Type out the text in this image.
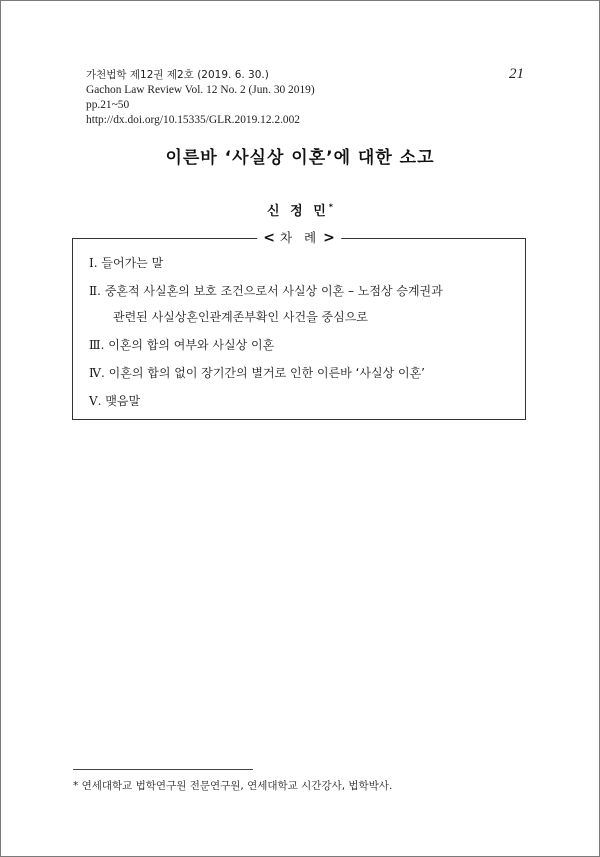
가천법학 제12권 제2호 (2019. 6. 30.)
Gachon Law Review Vol. 12 No. 2 (Jun. 30 2019)
pp.21~50
http://dx.doi.org/10.15335/GLR.2019.12.2.002
21
이른바 ‘사실상 이혼’에 대한 소고
신 정 민*
< 차 례 >
Ⅰ. 들어가는 말
Ⅱ. 중혼적 사실혼의 보호 조건으로서 사실상 이혼 – 노점상 승계권과
관련된 사실상혼인관계존부확인 사건을 중심으로
Ⅲ. 이혼의 합의 여부와 사실상 이혼
Ⅳ. 이혼의 합의 없이 장기간의 별거로 인한 이른바 ‘사실상 이혼’
Ⅴ. 맺음말
* 연세대학교 법학연구원 전문연구원, 연세대학교 시간강사, 법학박사.
